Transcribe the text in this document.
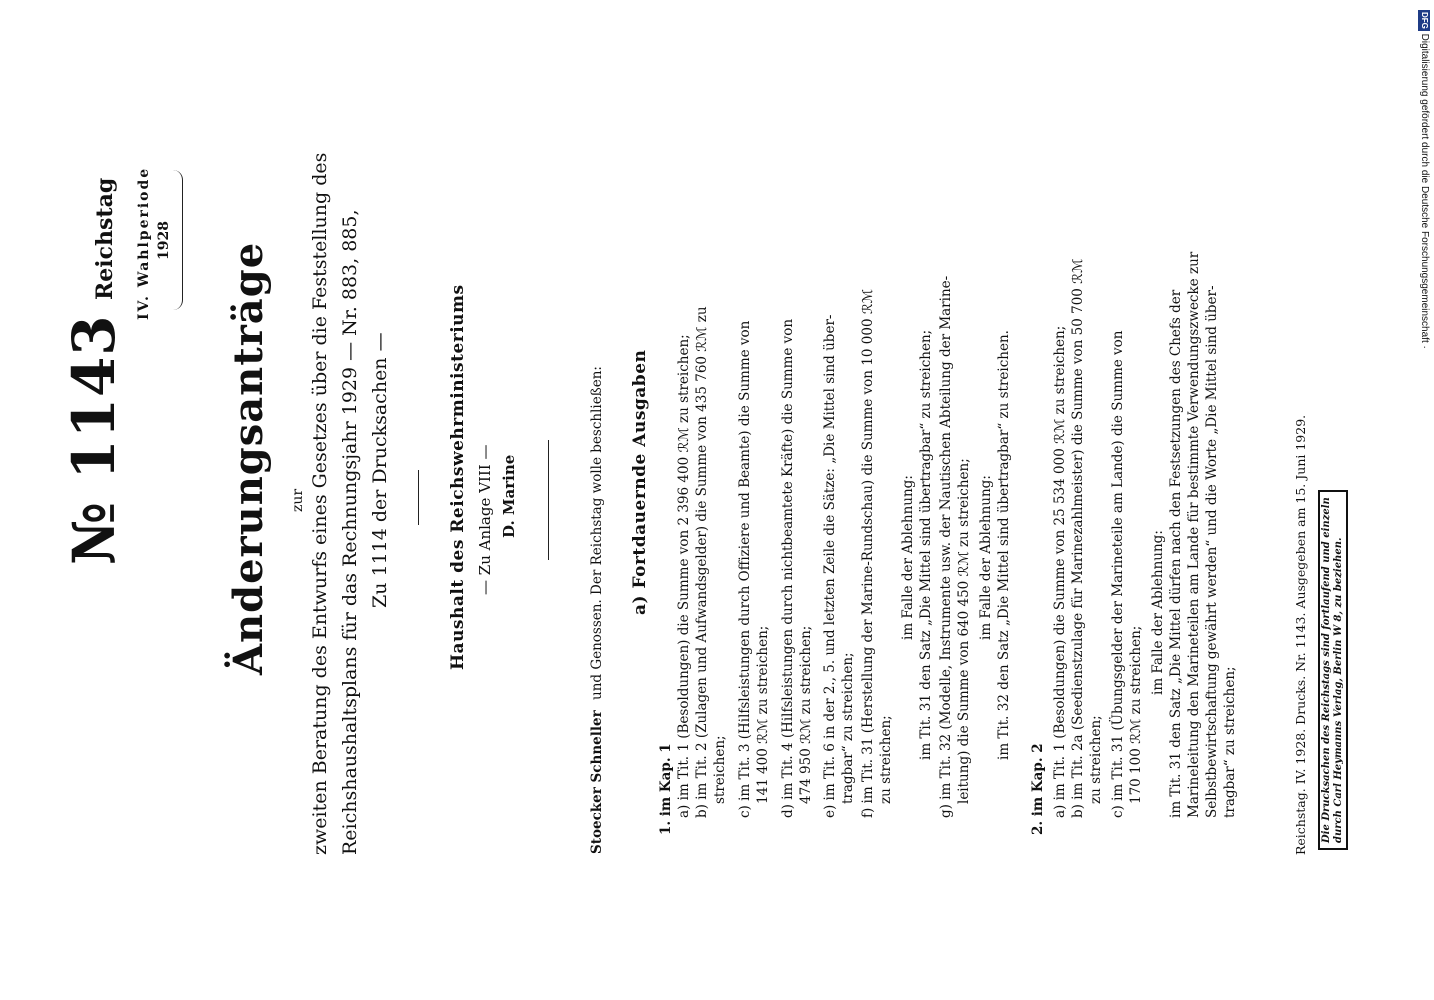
№ 1143
Reichstag IV. Wahlperiode 1928
Änderungsanträge zur zweiten Beratung des Entwurfs eines Gesetzes über die Feststellung des Reichshaushaltsplans für das Rechnungsjahr 1929 — Nr. 883, 885, Zu 1114 der Drucksachen —	Haushalt des Reichswehrministeriums — Zu Anlage VIII — D. Marine
Stoecker Schneller
und Genossen. Der Reichstag wolle beschließen: a) Fortdauernde Ausgaben
1. im Kap. 1 a) im Tit. 1 (Besoldungen) die Summe von 2 396 400 ℛℳ zu streichen; b) im Tit. 2 (Zulagen und Aufwandsgelder) die Summe von 435 760 ℛℳ zu streichen; c) im Tit. 3 (Hilfsleistungen durch Offiziere und Beamte) die Summe von 141 400 ℛℳ zu streichen; d) im Tit. 4 (Hilfsleistungen durch nichtbeamtete Kräfte) die Summe von 474 950 ℛℳ zu streichen; e) im Tit. 6 in der 2., 5. und letzten Zeile die Sätze: „Die Mittel sind über- tragbar“ zu streichen; f) im Tit. 31 (Herstellung der Marine-Rundschau) die Summe von 10 000 ℛℳ zu streichen;
im Falle der Ablehnung: im Tit. 31 den Satz „Die Mittel sind übertragbar“ zu streichen; g) im Tit. 32 (Modelle, Instrumente usw. der Nautischen Abteilung der Marine- leitung) die Summe von 640 450 ℛℳ zu streichen; im Falle der Ablehnung: im Tit. 32 den Satz „Die Mittel sind übertragbar“ zu streichen.
2. im Kap. 2 a) im Tit. 1 (Besoldungen) die Summe von 25 534 000 ℛℳ zu streichen; b) im Tit. 2a (Seedienstzulage für Marinezahlmeister) die Summe von 50 700 ℛℳ zu streichen; c) im Tit. 31 (Übungsgelder der Marineteile am Lande) die Summe von 170 100 ℛℳ zu streichen;
im Falle der Ablehnung: im Tit. 31 den Satz „Die Mittel dürfen nach den Festsetzungen des Chefs der Marineleitung den Marineteilen am Lande für bestimmte Verwendungszwecke zur Selbstbewirtschaftung gewährt werden“ und die Worte „Die Mittel sind über- tragbar“ zu streichen;	Reichstag. IV. 1928. Drucks. Nr. 1143. Ausgegeben am 15. Juni 1929. Die Drucksachen des Reichstags sind fortlaufend und einzeln durch Carl Heymanns Verlag, Berlin W 8, zu beziehen.
DFG Digitalisierung gefördert durch die Deutsche Forschungsgemeinschaft ·
